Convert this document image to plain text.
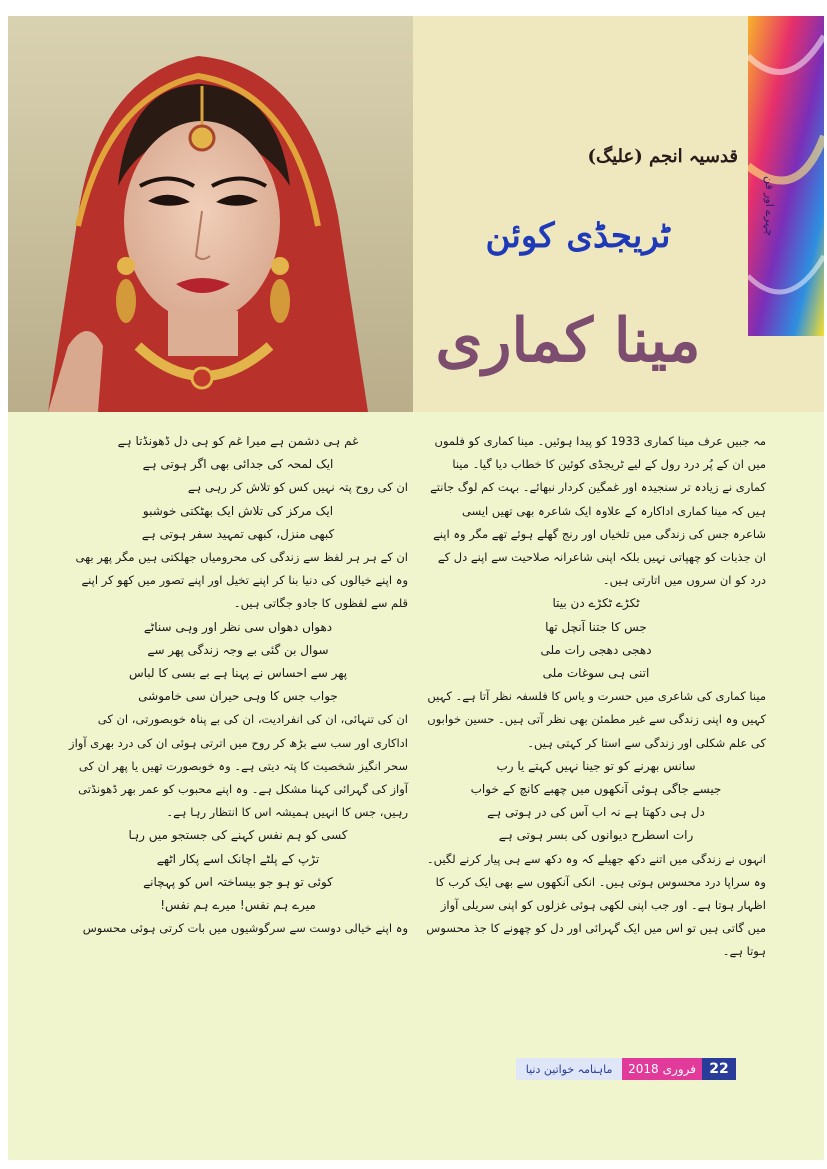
چہرے اور فن
قدسیہ انجم (علیگ)
ٹریجڈی کوئن
مینا کماری

مہ جبیں عرف مینا کماری 1933 کو پیدا ہوئیں۔ مینا کماری کو فلموں میں ان کے پُر درد رول کے لیے ٹریجڈی کوئین کا خطاب دیا گیا۔ مینا کماری نے زیادہ تر سنجیدہ اور غمگین کردار نبھائے۔ بہت کم لوگ جانتے ہیں کہ مینا کماری اداکارہ کے علاوہ ایک شاعرہ بھی تھیں ایسی شاعرہ جس کی زندگی میں تلخیاں اور رنج گھلے ہوئے تھے مگر وہ اپنے ان جذبات کو چھپاتی نہیں بلکہ اپنی شاعرانہ صلاحیت سے اپنے دل کے درد کو ان سروں میں اتارتی ہیں۔

ٹکڑے ٹکڑے دن بیتا

جس کا جتنا آنچل تھا

دھجی دھجی رات ملی

اتنی ہی سوغات ملی

مینا کماری کی شاعری میں حسرت و یاس کا فلسفہ نظر آتا ہے۔ کہیں کہیں وہ اپنی زندگی سے غیر مطمئن بھی نظر آتی ہیں۔ حسین خوابوں کی علم شکلی اور زندگی سے استا کر کہتی ہیں۔

سانس بھرنے کو تو جینا نہیں کہتے یا رب

جیسے جاگی ہوئی آنکھوں میں چھبے کانچ کے خواب

دل ہی دکھتا ہے نہ اب آس کی در ہوتی ہے

رات اسطرح دیوانوں کی بسر ہوتی ہے

انہوں نے زندگی میں اتنے دکھ جھیلے کہ وہ دکھ سے ہی پیار کرنے لگیں۔ وہ سراپا درد محسوس ہوتی ہیں۔ انکی آنکھوں سے بھی ایک کرب کا اظہار ہوتا ہے۔ اور جب اپنی لکھی ہوئی غزلوں کو اپنی سریلی آواز میں گاتی ہیں تو اس میں ایک گہرائی اور دل کو چھونے کا جذ محسوس ہوتا ہے۔

غم ہی دشمن ہے میرا غم کو ہی دل ڈھونڈتا ہے

ایک لمحہ کی جدائی بھی اگر ہوتی ہے

ان کی روح پتہ نہیں کس کو تلاش کر رہی ہے

ایک مرکز کی تلاش ایک بھٹکتی خوشبو

کبھی منزل، کبھی تمہید سفر ہوتی ہے

ان کے ہر ہر لفظ سے زندگی کی محرومیاں جھلکتی ہیں مگر پھر بھی وہ اپنے خیالوں کی دنیا بنا کر اپنے تخیل اور اپنے تصور میں کھو کر اپنے قلم سے لفظوں کا جادو جگاتی ہیں۔

دھواں دھواں سی نظر اور وہی سناٹے

سوال بن گئی بے وجہ زندگی پھر سے

پھر سے احساس نے پہنا ہے بے بسی کا لباس

جواب جس کا وہی حیران سی خاموشی

ان کی تنہائی، ان کی انفرادیت، ان کی بے پناہ خوبصورتی، ان کی اداکاری اور سب سے بڑھ کر روح میں اترتی ہوئی ان کی درد بھری آواز سحر انگیز شخصیت کا پتہ دیتی ہے۔ وہ خوبصورت تھیں یا پھر ان کی آواز کی گہرائی کہنا مشکل ہے۔ وہ اپنے محبوب کو عمر بھر ڈھونڈتی رہیں، جس کا انہیں ہمیشہ اس کا انتظار رہا ہے۔

کسی کو ہم نفس کہنے کی جستجو میں رہا

تڑپ کے پلٹے اچانک اسے پکار اٹھے

کوئی تو ہو جو بیساختہ اس کو پہچانے

میرے ہم نفس! میرے ہم نفس!

وہ اپنے خیالی دوست سے سرگوشیوں میں بات کرتی ہوئی محسوس

22
فروری
2018
ماہنامہ خواتین دنیا
